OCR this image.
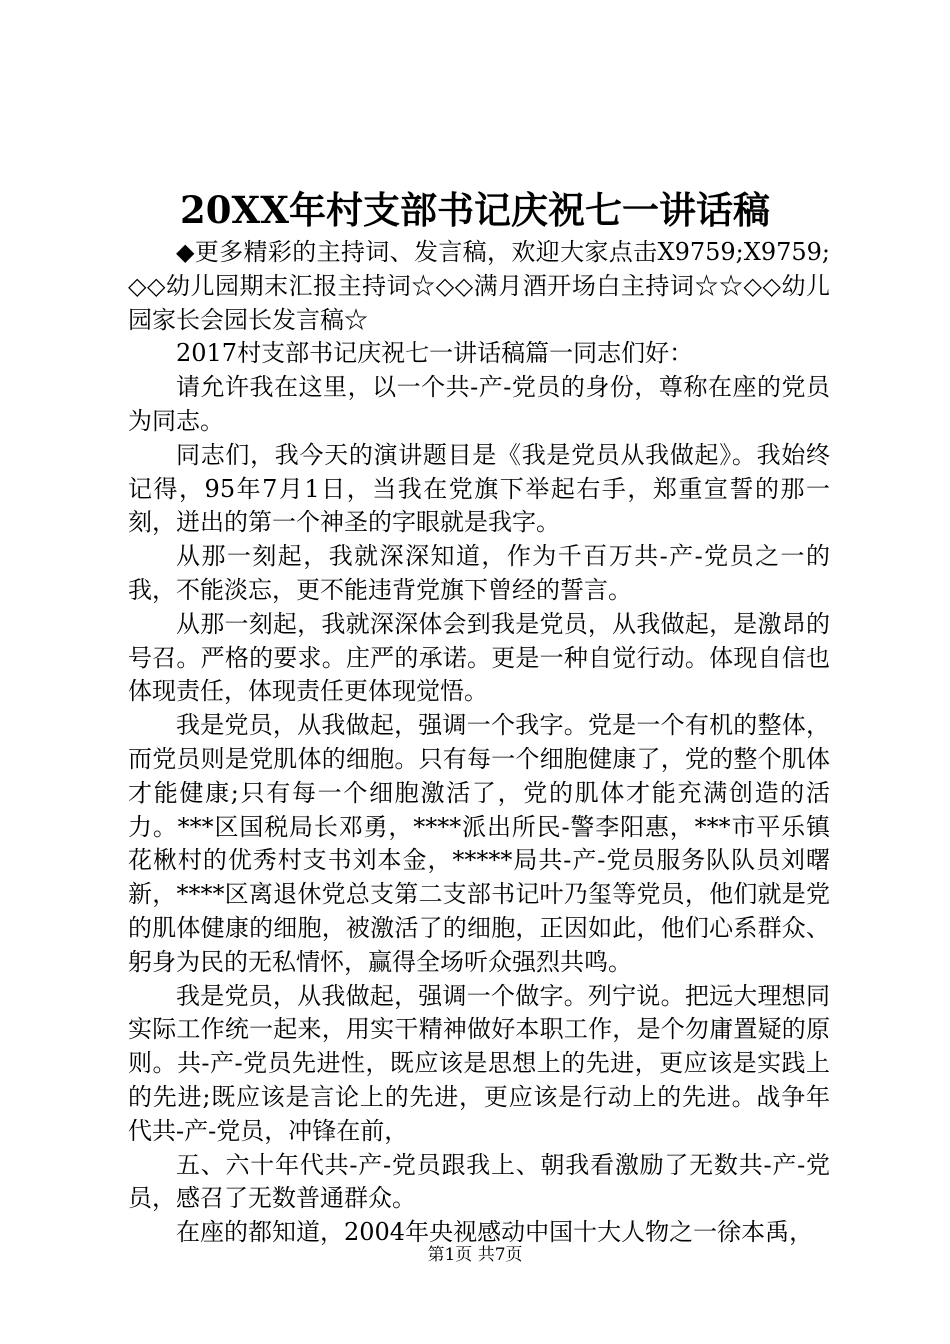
20XX年村支部书记庆祝七一讲话稿

◆更多精彩的主持词、发言稿，欢迎大家点击X9759;X9759;◇◇幼儿园期末汇报主持词☆◇◇满月酒开场白主持词☆☆◇◇幼儿园家长会园长发言稿☆

2017村支部书记庆祝七一讲话稿篇一同志们好：

请允许我在这里，以一个共-产-党员的身份，尊称在座的党员为同志。

同志们，我今天的演讲题目是《我是党员从我做起》。我始终记得，95年7月1日，当我在党旗下举起右手，郑重宣誓的那一刻，迸出的第一个神圣的字眼就是我字。

从那一刻起，我就深深知道，作为千百万共-产-党员之一的我，不能淡忘，更不能违背党旗下曾经的誓言。

从那一刻起，我就深深体会到我是党员，从我做起，是激昂的号召。严格的要求。庄严的承诺。更是一种自觉行动。体现自信也体现责任，体现责任更体现觉悟。

我是党员，从我做起，强调一个我字。党是一个有机的整体，而党员则是党肌体的细胞。只有每一个细胞健康了，党的整个肌体才能健康;只有每一个细胞激活了，党的肌体才能充满创造的活力。***区国税局长邓勇，****派出所民-警李阳惠，***市平乐镇花楸村的优秀村支书刘本金，*****局共-产-党员服务队队员刘曙新，****区离退休党总支第二支部书记叶乃玺等党员，他们就是党的肌体健康的细胞，被激活了的细胞，正因如此，他们心系群众、躬身为民的无私情怀，赢得全场听众强烈共鸣。

我是党员，从我做起，强调一个做字。列宁说。把远大理想同实际工作统一起来，用实干精神做好本职工作，是个勿庸置疑的原则。共-产-党员先进性，既应该是思想上的先进，更应该是实践上的先进;既应该是言论上的先进，更应该是行动上的先进。战争年代共-产-党员，冲锋在前，

五、六十年代共-产-党员跟我上、朝我看激励了无数共-产-党员，感召了无数普通群众。

在座的都知道，2004年央视感动中国十大人物之一徐本禹，

第1页 共7页
